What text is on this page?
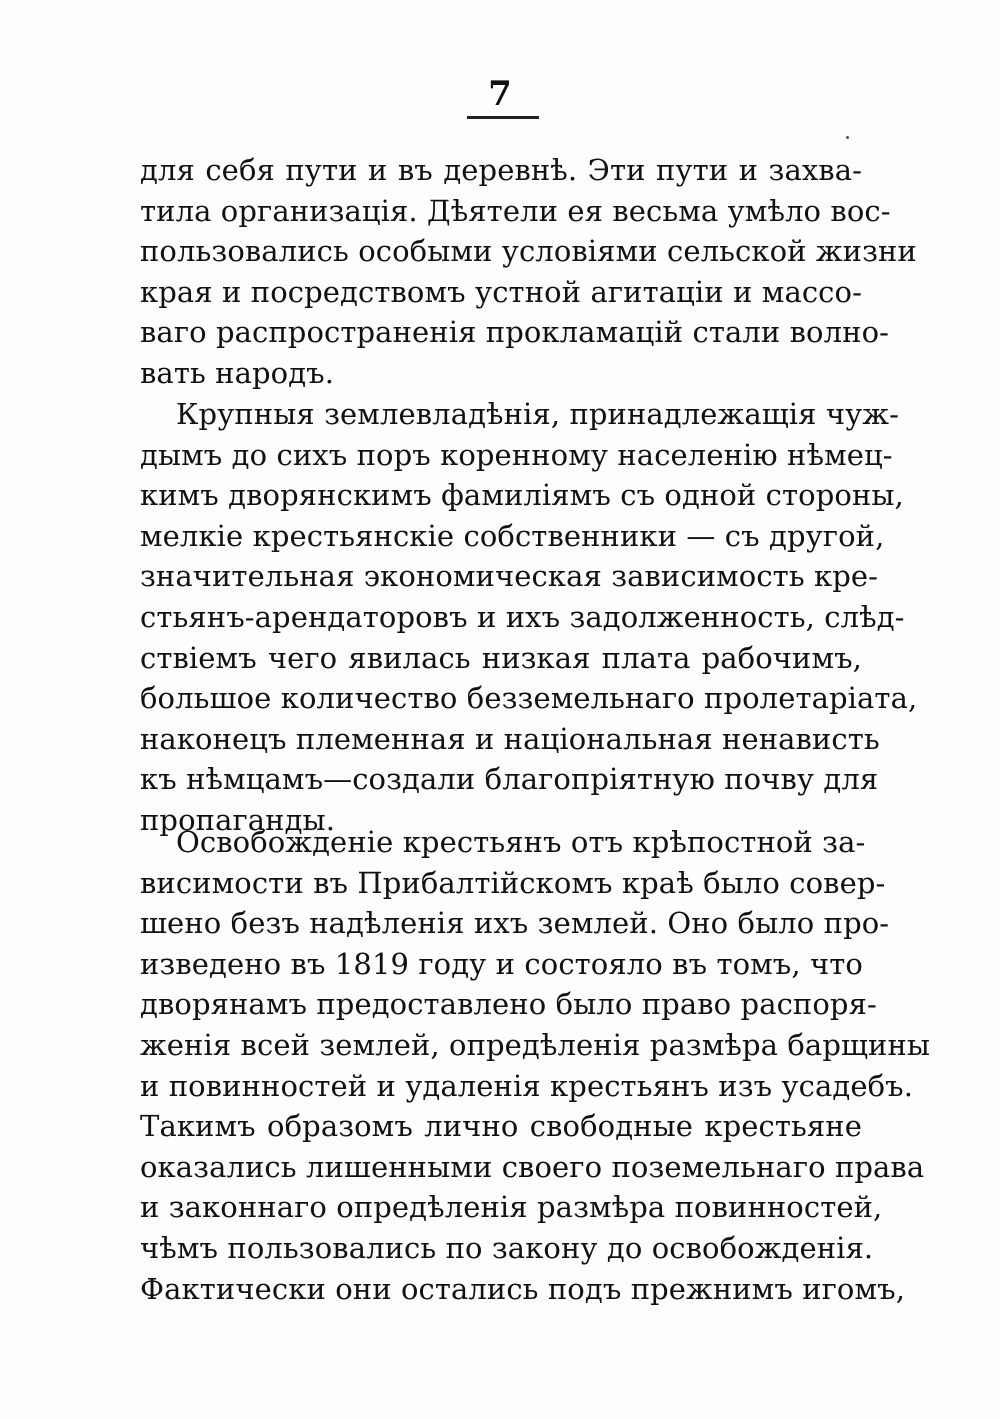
7
для себя пути и въ деревнѣ. Эти пути и захва-
тила организація. Дѣятели ея весьма умѣло вос-
пользовались особыми условіями сельской жизни
края и посредствомъ устной агитаціи и массо-
ваго распространенія прокламацій стали волно-
вать народъ.
Крупныя землевладѣнія, принадлежащія чуж-
дымъ до сихъ поръ коренному населенію нѣмец-
кимъ дворянскимъ фамиліямъ съ одной стороны,
мелкіе крестьянскіе собственники — съ другой,
значительная экономическая зависимость кре-
стьянъ-арендаторовъ и ихъ задолженность, слѣд-
ствіемъ чего явилась низкая плата рабочимъ,
большое количество безземельнаго пролетаріата,
наконецъ племенная и національная ненависть
къ нѣмцамъ—создали благопріятную почву для
пропаганды.
Освобожденіе крестьянъ отъ крѣпостной за-
висимости въ Прибалтійскомъ краѣ было совер-
шено безъ надѣленія ихъ землей. Оно было про-
изведено въ 1819 году и состояло въ томъ, что
дворянамъ предоставлено было право распоря-
женія всей землей, опредѣленія размѣра барщины
и повинностей и удаленія крестьянъ изъ усадебъ.
Такимъ образомъ лично свободные крестьяне
оказались лишенными своего поземельнаго права
и законнаго опредѣленія размѣра повинностей,
чѣмъ пользовались по закону до освобожденія.
Фактически они остались подъ прежнимъ игомъ,
